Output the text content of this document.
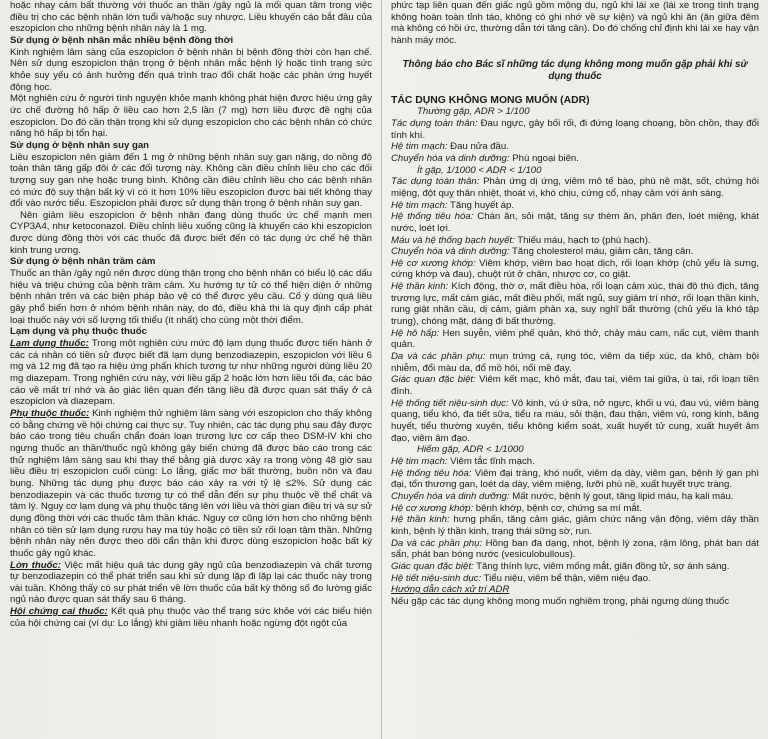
hoặc nhạy cảm bất thường với thuốc an thần /gây ngủ là mối quan tâm trong việc điều trị cho các bệnh nhân lớn tuổi và/hoặc suy nhược. Liều khuyến cáo bắt đầu của eszopiclon cho những bệnh nhân này là 1 mg.

Sử dụng ở bệnh nhân mắc nhiều bệnh đồng thời

Kinh nghiệm lâm sàng của eszopiclon ở bệnh nhân bị bệnh đồng thời còn hạn chế. Nên sử dụng eszopiclon thận trọng ở bệnh nhân mắc bệnh lý hoặc tình trạng sức khỏe suy yếu có ảnh hưởng đến quá trình trao đổi chất hoặc các phản ứng huyết động học.

Một nghiên cứu ở người tình nguyện khỏe mạnh không phát hiện được hiệu ứng gây ức chế đường hô hấp ở liều cao hơn 2,5 lần (7 mg) hơn liều được đề nghị của eszopiclon. Do đó cần thận trọng khi sử dụng eszopiclon cho các bệnh nhân có chức năng hô hấp bị tổn hại.

Sử dụng ở bệnh nhân suy gan

Liều eszopiclon nên giảm đến 1 mg ở những bệnh nhân suy gan nặng, do nồng độ toàn thân tăng gấp đôi ở các đối tượng này. Không cần điều chỉnh liều cho các đối tượng suy gan nhẹ hoặc trung bình. Không cần điều chỉnh liều cho các bệnh nhân có mức độ suy thận bất kỳ vì có ít hơn 10% liều eszopiclon được bài tiết không thay đổi vào nước tiểu. Eszopiclon phải được sử dụng thận trọng ở bệnh nhân suy gan.

Nên giảm liều eszopiclon ở bệnh nhân đang dùng thuốc ức chế mạnh men CYP3A4, như ketoconazol. Điều chỉnh liều xuống cũng là khuyến cáo khi eszopiclon được dùng đồng thời với các thuốc đã được biết đến có tác dụng ức chế hệ thần kinh trung ương.

Sử dụng ở bệnh nhân trầm cảm

Thuốc an thần /gây ngủ nên được dùng thận trọng cho bệnh nhân có biểu lộ các dấu hiệu và triệu chứng của bệnh trầm cảm. Xu hướng tự tử có thể hiện diện ở những bệnh nhân trên và các biện pháp bảo vệ có thể được yêu cầu. Cố ý dùng quá liều gây phổ biến hơn ở nhóm bệnh nhân này, do đó, điều khả thi là quy định cấp phát loại thuốc này với số lượng tối thiểu (ít nhất) cho cùng một thời điểm.

Lạm dụng và phụ thuộc thuốc

Lạm dụng thuốc: Trong một nghiên cứu mức độ lạm dụng thuốc được tiến hành ở các cá nhân có tiền sử được biết đã lạm dụng benzodiazepin, eszopiclon với liều 6 mg và 12 mg đã tạo ra hiệu ứng phấn khích tương tự như những người dùng liều 20 mg diazepam. Trong nghiên cứu này, với liều gấp 2 hoặc lớn hơn liều tối đa, các báo cáo về mất trí nhớ và ảo giác liên quan đến tăng liều đã được quan sát thấy ở cả eszopiclon và diazepam.

Phụ thuộc thuốc: Kinh nghiệm thử nghiệm lâm sàng với eszopiclon cho thấy không có bằng chứng về hội chứng cai thực sự. Tuy nhiên, các tác dụng phụ sau đây được báo cáo trong tiêu chuẩn chẩn đoán loạn trương lực cơ cấp theo DSM-IV khi cho ngưng thuốc an thần/thuốc ngủ không gây biến chứng đã được báo cáo trong các thử nghiệm lâm sàng sau khi thay thế bằng giả dược xảy ra trong vòng 48 giờ sau liều điều trị eszopiclon cuối cùng: Lo lắng, giấc mơ bất thường, buồn nôn và đau bụng. Những tác dụng phụ được báo cáo xảy ra với tỷ lệ ≤2%. Sử dụng các benzodiazepin và các thuốc tương tự có thể dẫn đến sự phụ thuộc về thể chất và tâm lý. Nguy cơ lạm dụng và phụ thuộc tăng lên với liều và thời gian điều trị và sự sử dụng đồng thời với các thuốc tâm thần khác. Nguy cơ cũng lớn hơn cho những bệnh nhân có tiền sử lạm dụng rượu hay ma túy hoặc có tiền sử rối loạn tâm thần. Những bệnh nhân này nên được theo dõi cẩn thận khi được dùng eszopiclon hoặc bất kỳ thuốc gây ngủ khác.

Lờn thuốc: Việc mất hiệu quả tác dụng gây ngủ của benzodiazepin và chất tương tự benzodiazepin có thể phát triển sau khi sử dụng lặp đi lặp lại các thuốc này trong vài tuần. Không thấy có sự phát triển về lờn thuốc của bất kỳ thông số đo lường giấc ngủ nào được quan sát thấy sau 6 tháng.

Hội chứng cai thuốc: Kết quả phụ thuộc vào thể trạng sức khỏe với các biểu hiện của hội chứng cai (ví dụ: Lo lắng) khi giảm liều nhanh hoặc ngừng đột ngột của

phức tạp liên quan đến giấc ngủ gồm mộng du, ngủ khi lái xe (lái xe trong tình trạng không hoàn toàn tỉnh táo, không có ghi nhớ về sự kiện) và ngủ khi ăn (ăn giữa đêm mà không có hồi ức, thường dẫn tới tăng cân). Do đó chống chỉ định khi lái xe hay vận hành máy móc.

Thông báo cho Bác sĩ những tác dụng không mong muốn gặp phải khi sử dụng thuốc

TÁC DỤNG KHÔNG MONG MUỐN (ADR)

Thường gặp, ADR > 1/100

Tác dụng toàn thân: Đau ngực, gây bối rối, đi đứng loạng choạng, bồn chồn, thay đổi tính khí.

Hệ tim mạch: Đau nửa đầu.

Chuyển hóa và dinh dưỡng: Phù ngoại biên.

Ít gặp, 1/1000 < ADR < 1/100

Tác dụng toàn thân: Phản ứng dị ứng, viêm mô tế bào, phù nề mặt, sốt, chứng hôi miệng, đột quỵ thân nhiệt, thoát vị, khó chịu, cứng cổ, nhạy cảm với ánh sáng.

Hệ tim mạch: Tăng huyết áp.

Hệ thống tiêu hóa: Chán ăn, sỏi mật, tăng sự thèm ăn, phân đen, loét miệng, khát nước, loét lợi.

Máu và hệ thống bạch huyết: Thiếu máu, hạch to (phù hạch).

Chuyển hóa và dinh dưỡng: Tăng cholesterol máu, giảm cân, tăng cân.

Hệ cơ xương khớp: Viêm khớp, viêm bao hoạt dịch, rối loạn khớp (chủ yếu là sưng, cứng khớp và đau), chuột rút ở chân, nhược cơ, co giật.

Hệ thần kinh: Kích động, thờ ơ, mất điều hòa, rối loạn cảm xúc, thái độ thù địch, tăng trương lực, mất cảm giác, mất điều phối, mất ngủ, suy giảm trí nhớ, rối loạn thần kinh, rung giật nhãn cầu, dị cảm, giảm phản xạ, suy nghĩ bất thường (chủ yếu là khó tập trung), chóng mặt, dáng đi bất thường.

Hệ hô hấp: Hen suyễn, viêm phế quản, khó thở, chảy máu cam, nấc cụt, viêm thanh quản.

Da và các phần phụ: mụn trứng cá, rụng tóc, viêm da tiếp xúc, da khô, chàm bội nhiễm, đổi màu da, đổ mồ hôi, nổi mề đay.

Giác quan đặc biệt: Viêm kết mạc, khô mắt, đau tai, viêm tai giữa, ù tai, rối loạn tiền đình.

Hệ thống tiết niệu-sinh dục: Vô kinh, vú ứ sữa, nở ngực, khối u vú, đau vú, viêm bàng quang, tiểu khó, đa tiết sữa, tiểu ra máu, sỏi thận, đau thận, viêm vú, rong kinh, băng huyết, tiểu thường xuyên, tiểu không kiểm soát, xuất huyết tử cung, xuất huyết âm đạo, viêm âm đạo.

Hiếm gặp, ADR < 1/1000

Hệ tim mạch: Viêm tắc tĩnh mạch.

Hệ thống tiêu hóa: Viêm đại tràng, khó nuốt, viêm dạ dày, viêm gan, bệnh lý gan phì đại, tổn thương gan, loét dạ dày, viêm miệng, lưỡi phù nề, xuất huyết trực tràng.

Chuyển hóa và dinh dưỡng: Mất nước, bệnh lý gout, tăng lipid máu, hạ kali máu.

Hệ cơ xương khớp: bệnh khớp, bệnh cơ, chứng sa mí mắt.

Hệ thần kinh: hưng phấn, tăng cảm giác, giảm chức năng vận động, viêm dây thần kinh, bệnh lý thần kinh, trạng thái sững sờ, run.

Da và các phần phụ: Hồng ban đa dạng, nhọt, bệnh lý zona, rậm lông, phát ban dát sẩn, phát ban bóng nước (vesiculobullous).

Giác quan đặc biệt: Tăng thính lực, viêm mống mắt, giãn đồng tử, sợ ánh sáng.

Hệ tiết niệu-sinh dục: Tiểu niệu, viêm bể thận, viêm niệu đạo.

Hướng dẫn cách xử trí ADR

Nếu gặp các tác dụng không mong muốn nghiêm trọng, phải ngưng dùng thuốc
